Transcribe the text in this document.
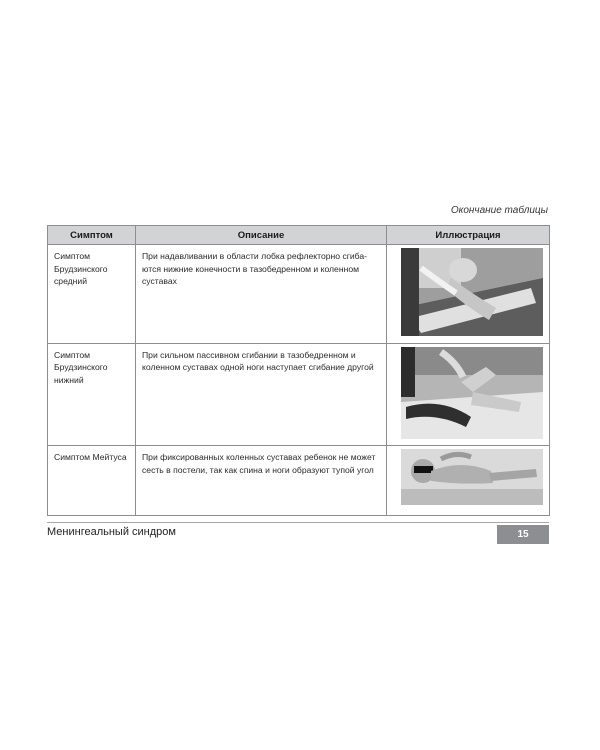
Окончание таблицы
Симптом	Описание	Иллюстрация
Симптом Брудзинского средний	При надавливании в области лобка рефлекторно сгиба-ются нижние конечности в тазобедренном и коленном суставах	

Симптом Брудзинского нижний	При сильном пассивном сгибании в тазобедренном и коленном суставах одной ноги наступает сгибание другой	

Симптом Мейтуса	При фиксированных коленных суставах ребенок не может сесть в постели, так как спина и ноги образуют тупой угол	
Менингеальный синдром	15
